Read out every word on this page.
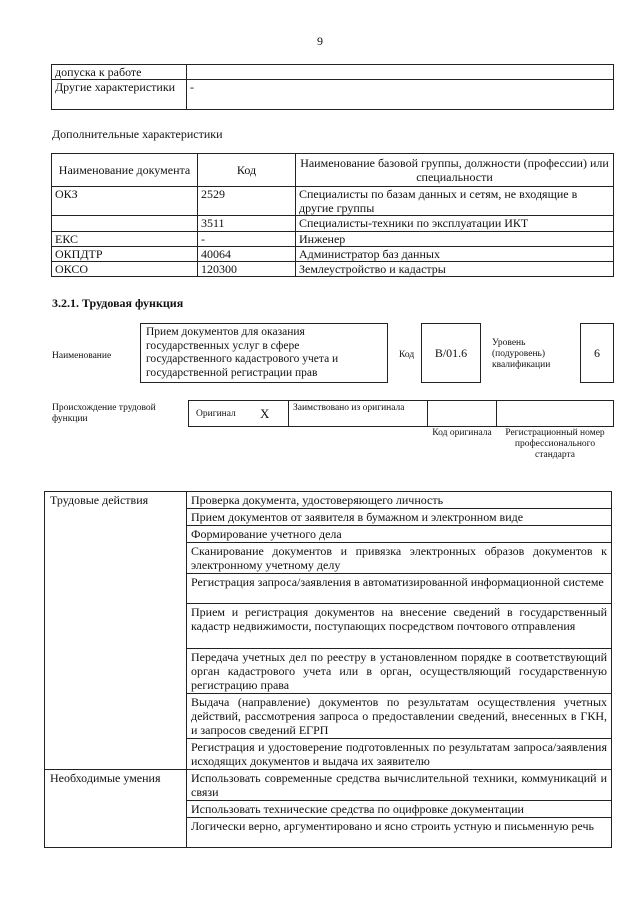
9
допуска к работе	
Другие характеристики	-
Дополнительные характеристики
Наименование документа	Код	Наименование базовой группы, должности (профессии) или специальности
ОКЗ	2529	Специалисты по базам данных и сетям, не входящие в другие группы
	3511	Специалисты-техники по эксплуатации ИКТ
ЕКС	-	Инженер
ОКПДТР	40064	Администратор баз данных
ОКСО	120300	Землеустройство и кадастры
3.2.1. Трудовая функция
Наименование
Прием документов для оказания государственных услуг в сфере государственного кадастрового учета и государственной регистрации прав
Код	В/01.6
Уровень (подуровень) квалификации
6
Происхождение трудовой функции	Оригинал X Заимствовано из оригинала
Код оригинала	Регистрационный номер профессионального стандарта
Трудовые действия	Проверка документа, удостоверяющего личность
	Прием документов от заявителя в бумажном и электронном виде
	Формирование учетного дела
	Сканирование документов и привязка электронных образов документов к электронному учетному делу
	Регистрация запроса/заявления в автоматизированной информационной системе
	Прием и регистрация документов на внесение сведений в государственный кадастр недвижимости, поступающих посредством почтового отправления
	Передача учетных дел по реестру в установленном порядке в соответствующий орган кадастрового учета или в орган, осуществляющий государственную регистрацию права
	Выдача (направление) документов по результатам осуществления учетных действий, рассмотрения запроса о предоставлении сведений, внесенных в ГКН, и запросов сведений ЕГРП
	Регистрация и удостоверение подготовленных по результатам запроса/заявления исходящих документов и выдача их заявителю
Необходимые умения	Использовать современные средства вычислительной техники, коммуникаций и связи
	Использовать технические средства по оцифровке документации
	Логически верно, аргументировано и ясно строить устную и письменную речь
